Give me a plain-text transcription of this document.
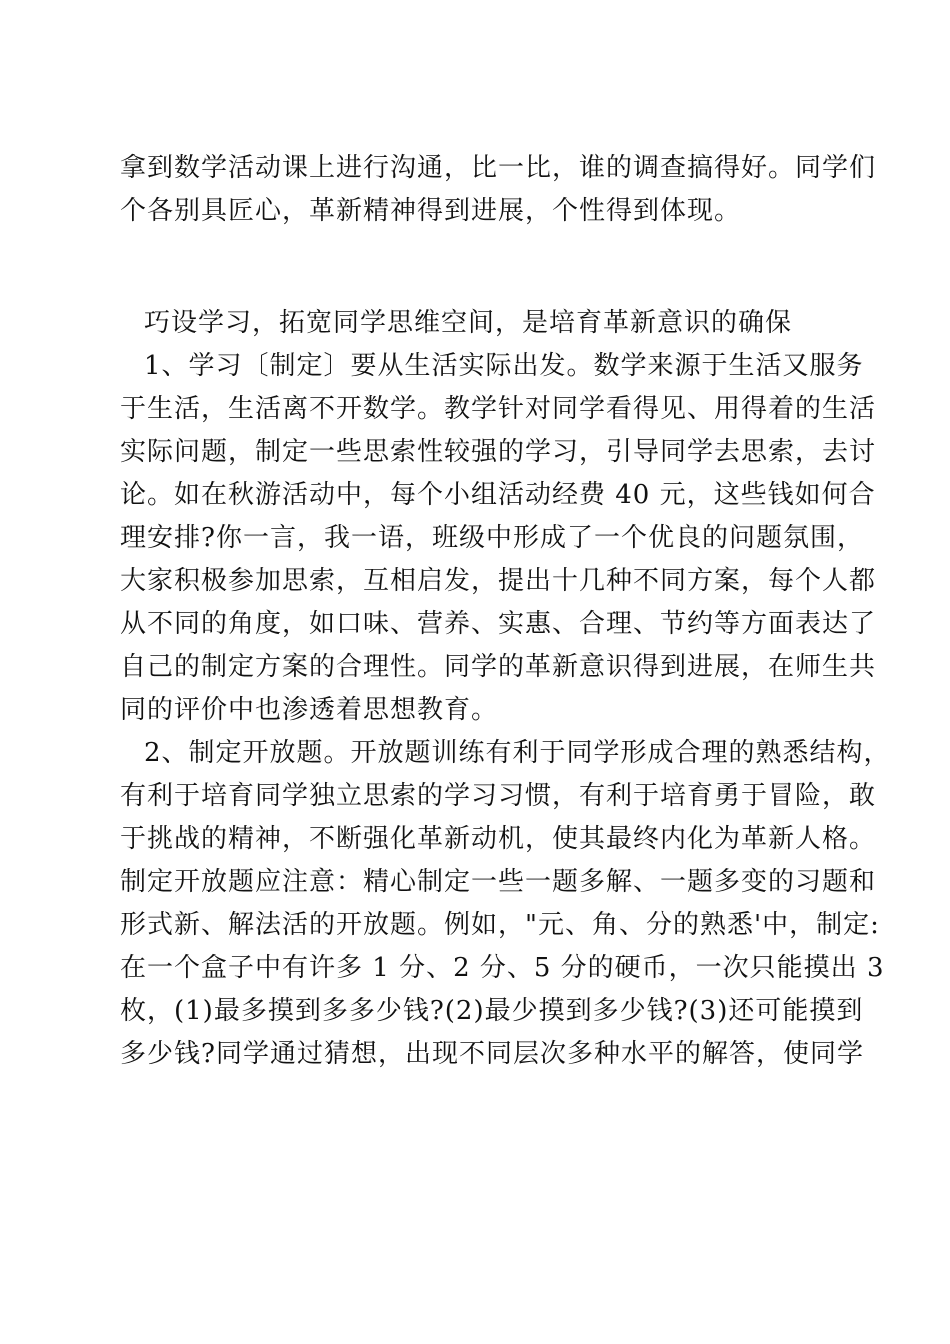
拿到数学活动课上进行沟通，比一比，谁的调查搞得好。同学们
个各别具匠心，革新精神得到进展，个性得到体现。
巧设学习，拓宽同学思维空间，是培育革新意识的确保
1、学习〔制定〕要从生活实际出发。数学来源于生活又服务
于生活，生活离不开数学。教学针对同学看得见、用得着的生活
实际问题，制定一些思索性较强的学习，引导同学去思索，去讨
论。如在秋游活动中，每个小组活动经费 40 元，这些钱如何合
理安排?你一言，我一语，班级中形成了一个优良的问题氛围，
大家积极参加思索，互相启发，提出十几种不同方案，每个人都
从不同的角度，如口味、营养、实惠、合理、节约等方面表达了
自己的制定方案的合理性。同学的革新意识得到进展，在师生共
同的评价中也渗透着思想教育。
2、制定开放题。开放题训练有利于同学形成合理的熟悉结构，
有利于培育同学独立思索的学习习惯，有利于培育勇于冒险，敢
于挑战的精神，不断强化革新动机，使其最终内化为革新人格。
制定开放题应注意：精心制定一些一题多解、一题多变的习题和
形式新、解法活的开放题。例如，"元、角、分的熟悉'中，制定:
在一个盒子中有许多 1 分、2 分、5 分的硬币，一次只能摸出 3
枚，(1)最多摸到多多少钱?(2)最少摸到多少钱?(3)还可能摸到
多少钱?同学通过猜想，出现不同层次多种水平的解答，使同学
